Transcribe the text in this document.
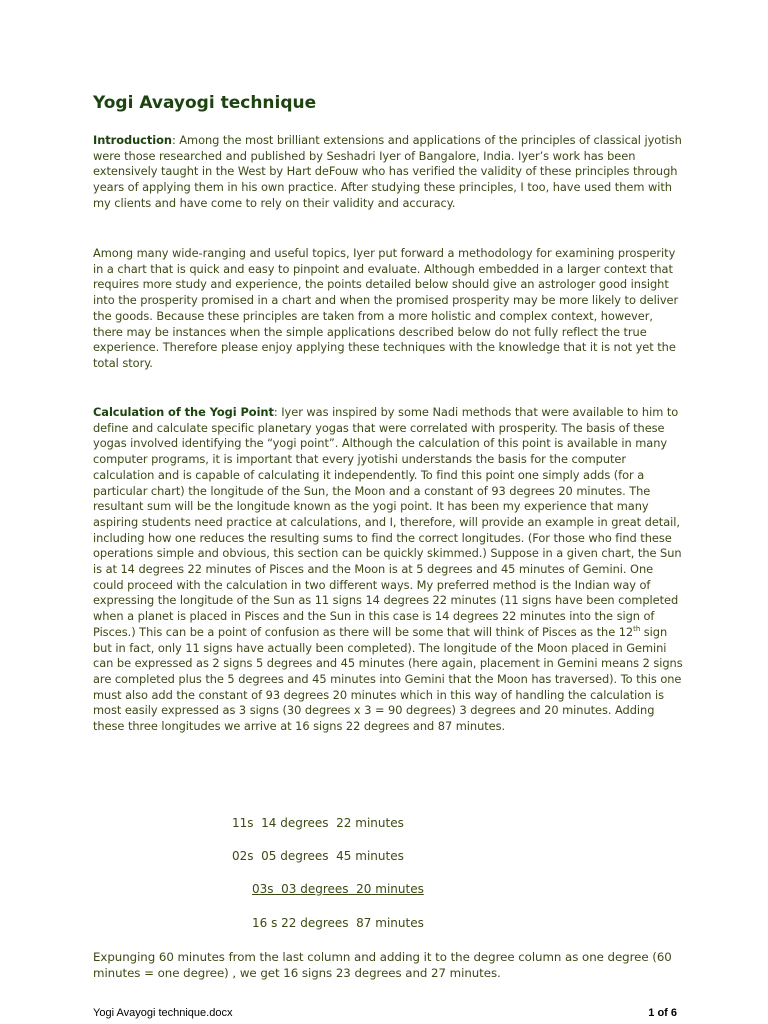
Yogi Avayogi technique

Introduction: Among the most brilliant extensions and applications of the principles of classical jyotish were those researched and published by Seshadri Iyer of Bangalore, India. Iyer’s work has been extensively taught in the West by Hart deFouw who has verified the validity of these principles through years of applying them in his own practice. After studying these principles, I too, have used them with my clients and have come to rely on their validity and accuracy.

Among many wide-ranging and useful topics, Iyer put forward a methodology for examining prosperity in a chart that is quick and easy to pinpoint and evaluate. Although embedded in a larger context that requires more study and experience, the points detailed below should give an astrologer good insight into the prosperity promised in a chart and when the promised prosperity may be more likely to deliver the goods. Because these principles are taken from a more holistic and complex context, however, there may be instances when the simple applications described below do not fully reflect the true experience. Therefore please enjoy applying these techniques with the knowledge that it is not yet the total story.

Calculation of the Yogi Point: Iyer was inspired by some Nadi methods that were available to him to define and calculate specific planetary yogas that were correlated with prosperity. The basis of these yogas involved identifying the “yogi point”. Although the calculation of this point is available in many computer programs, it is important that every jyotishi understands the basis for the computer calculation and is capable of calculating it independently. To find this point one simply adds (for a particular chart) the longitude of the Sun, the Moon and a constant of 93 degrees 20 minutes. The resultant sum will be the longitude known as the yogi point. It has been my experience that many aspiring students need practice at calculations, and I, therefore, will provide an example in great detail, including how one reduces the resulting sums to find the correct longitudes. (For those who find these operations simple and obvious, this section can be quickly skimmed.) Suppose in a given chart, the Sun is at 14 degrees 22 minutes of Pisces and the Moon is at 5 degrees and 45 minutes of Gemini. One could proceed with the calculation in two different ways. My preferred method is the Indian way of expressing the longitude of the Sun as 11 signs 14 degrees 22 minutes (11 signs have been completed when a planet is placed in Pisces and the Sun in this case is 14 degrees 22 minutes into the sign of Pisces.) This can be a point of confusion as there will be some that will think of Pisces as the 12th sign but in fact, only 11 signs have actually been completed). The longitude of the Moon placed in Gemini can be expressed as 2 signs 5 degrees and 45 minutes (here again, placement in Gemini means 2 signs are completed plus the 5 degrees and 45 minutes into Gemini that the Moon has traversed). To this one must also add the constant of 93 degrees 20 minutes which in this way of handling the calculation is most easily expressed as 3 signs (30 degrees x 3 = 90 degrees) 3 degrees and 20 minutes. Adding these three longitudes we arrive at 16 signs 22 degrees and 87 minutes.

11s  14 degrees  22 minutes
02s  05 degrees  45 minutes
03s  03 degrees  20 minutes
16 s 22 degrees  87 minutes

Expunging 60 minutes from the last column and adding it to the degree column as one degree (60 minutes = one degree) , we get 16 signs 23 degrees and 27 minutes.

Yogi Avayogi technique.docx	1 of 6
